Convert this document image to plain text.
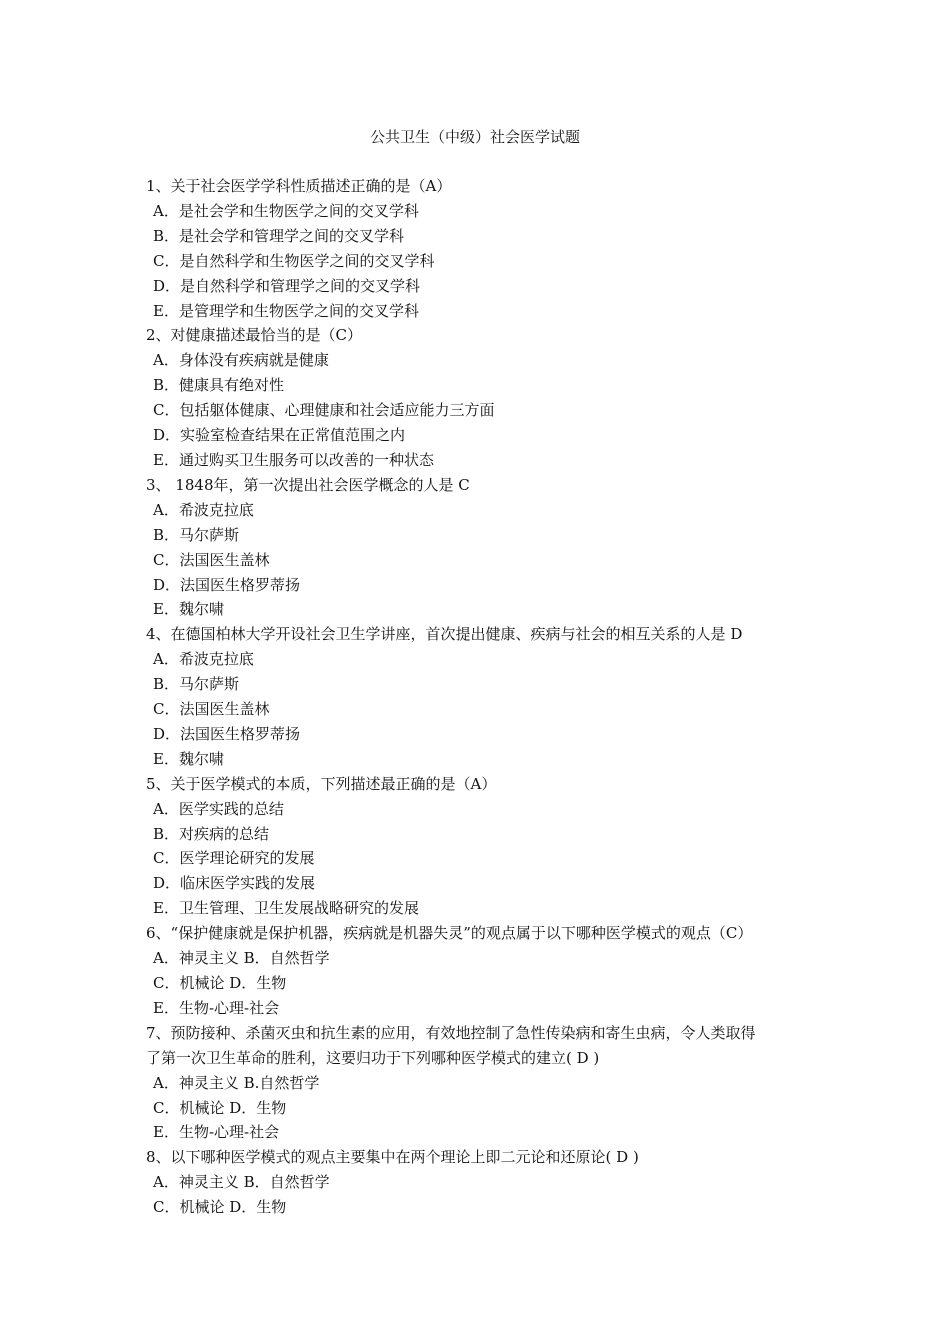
公共卫生（中级）社会医学试题

1、关于社会医学学科性质描述正确的是（A）

A．是社会学和生物医学之间的交叉学科

B．是社会学和管理学之间的交叉学科

C．是自然科学和生物医学之间的交叉学科

D．是自然科学和管理学之间的交叉学科

E．是管理学和生物医学之间的交叉学科

2、对健康描述最恰当的是（C）

A．身体没有疾病就是健康

B．健康具有绝对性

C．包括躯体健康、心理健康和社会适应能力三方面

D．实验室检查结果在正常值范围之内

E．通过购买卫生服务可以改善的一种状态

3、 1848年，第一次提出社会医学概念的人是 C

A．希波克拉底

B．马尔萨斯

C．法国医生盖林

D．法国医生格罗蒂扬

E．魏尔啸

4、在德国柏林大学开设社会卫生学讲座，首次提出健康、疾病与社会的相互关系的人是 D

A．希波克拉底

B．马尔萨斯

C．法国医生盖林

D．法国医生格罗蒂扬

E．魏尔啸

5、关于医学模式的本质，下列描述最正确的是（A）

A．医学实践的总结

B．对疾病的总结

C．医学理论研究的发展

D．临床医学实践的发展

E．卫生管理、卫生发展战略研究的发展

6、“保护健康就是保护机器，疾病就是机器失灵”的观点属于以下哪种医学模式的观点（C）

A．神灵主义 B．自然哲学

C．机械论 D．生物

E．生物-心理-社会

7、预防接种、杀菌灭虫和抗生素的应用，有效地控制了急性传染病和寄生虫病，令人类取得

了第一次卫生革命的胜利，这要归功于下列哪种医学模式的建立( D )

A．神灵主义 B.自然哲学

C．机械论 D．生物

E．生物-心理-社会

8、以下哪种医学模式的观点主要集中在两个理论上即二元论和还原论( D )

A．神灵主义 B．自然哲学

C．机械论 D．生物
